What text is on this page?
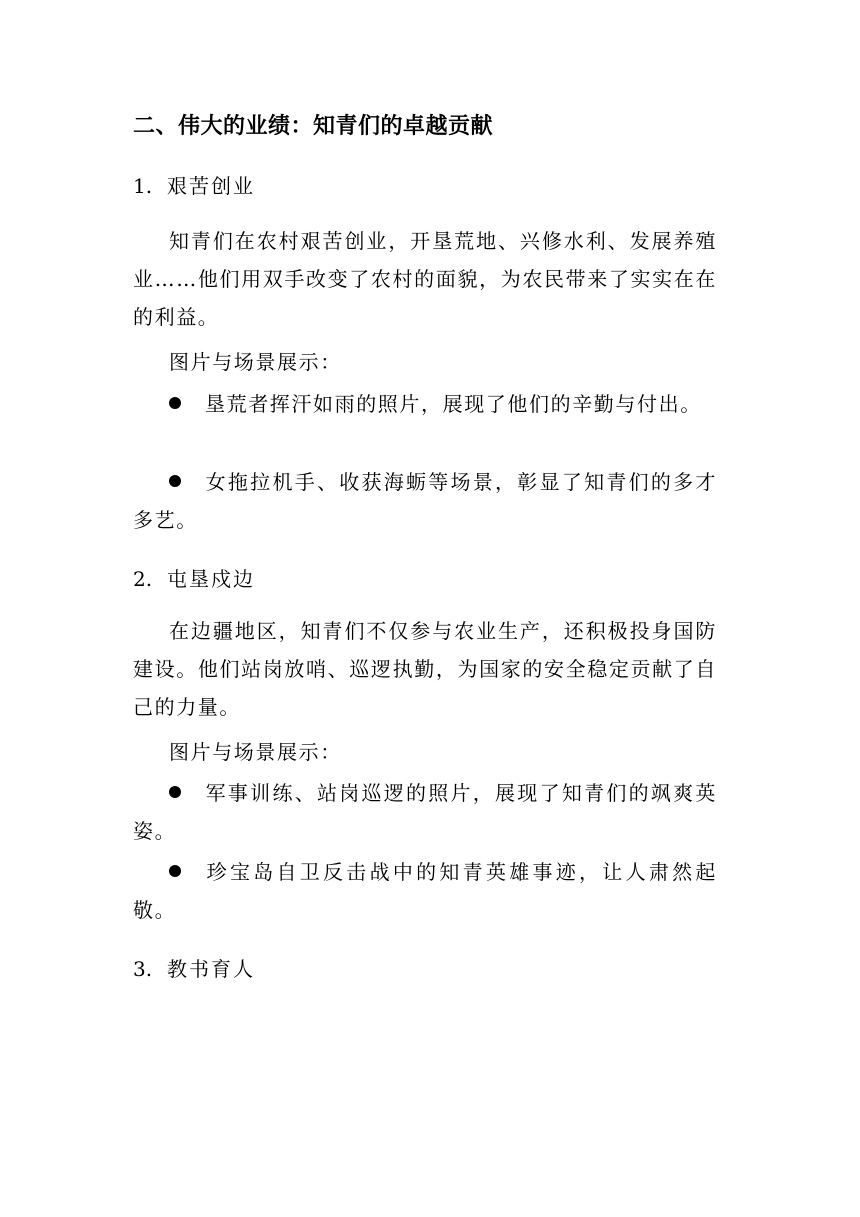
二、伟大的业绩：知青们的卓越贡献
1. 艰苦创业
知青们在农村艰苦创业，开垦荒地、兴修水利、发展养殖业……他们用双手改变了农村的面貌，为农民带来了实实在在的利益。
图片与场景展示：
垦荒者挥汗如雨的照片，展现了他们的辛勤与付出。
女拖拉机手、收获海蛎等场景，彰显了知青们的多才多艺。
2. 屯垦戍边
在边疆地区，知青们不仅参与农业生产，还积极投身国防建设。他们站岗放哨、巡逻执勤，为国家的安全稳定贡献了自己的力量。
图片与场景展示：
军事训练、站岗巡逻的照片，展现了知青们的飒爽英姿。
珍宝岛自卫反击战中的知青英雄事迹，让人肃然起敬。
3. 教书育人
